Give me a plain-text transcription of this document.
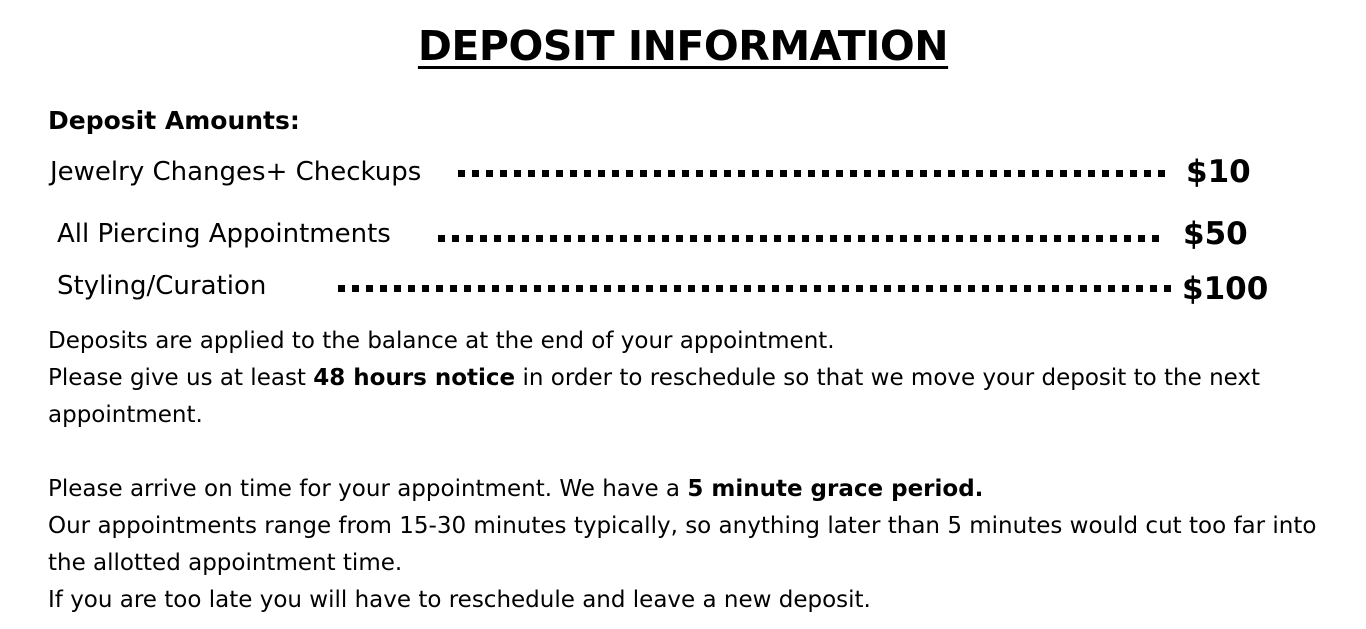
DEPOSIT INFORMATION
Deposit Amounts:
Jewelry Changes+ Checkups	$10
All Piercing Appointments	$50
Styling/Curation	$100

Deposits are applied to the balance at the end of your appointment.

Please give us at least 48 hours notice in order to reschedule so that we move your deposit to the next appointment.

Please arrive on time for your appointment. We have a 5 minute grace period.

Our appointments range from 15-30 minutes typically, so anything later than 5 minutes would cut too far into the allotted appointment time.

If you are too late you will have to reschedule and leave a new deposit.
